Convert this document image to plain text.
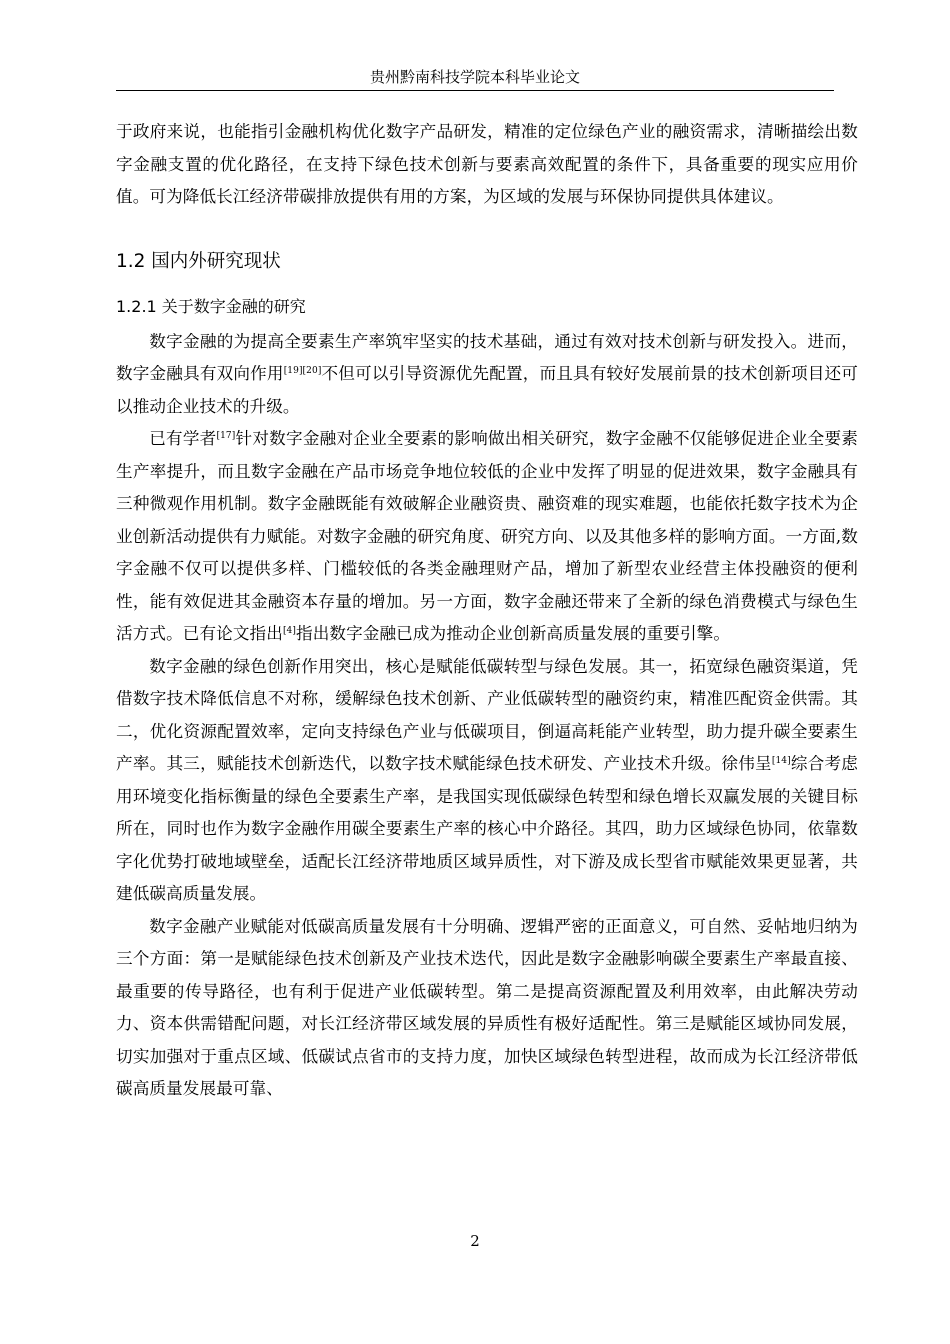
贵州黔南科技学院本科毕业论文

于政府来说，也能指引金融机构优化数字产品研发，精准的定位绿色产业的融资需求，清晰描绘出数字金融支置的优化路径，在支持下绿色技术创新与要素高效配置的条件下，具备重要的现实应用价值。可为降低长江经济带碳排放提供有用的方案，为区域的发展与环保协同提供具体建议。

1.2 国内外研究现状
1.2.1 关于数字金融的研究

数字金融的为提高全要素生产率筑牢坚实的技术基础，通过有效对技术创新与研发投入。进而，数字金融具有双向作用[19][20]不但可以引导资源优先配置，而且具有较好发展前景的技术创新项目还可以推动企业技术的升级。

已有学者[17]针对数字金融对企业全要素的影响做出相关研究，数字金融不仅能够促进企业全要素生产率提升，而且数字金融在产品市场竞争地位较低的企业中发挥了明显的促进效果，数字金融具有三种微观作用机制。数字金融既能有效破解企业融资贵、融资难的现实难题，也能依托数字技术为企业创新活动提供有力赋能。对数字金融的研究角度、研究方向、以及其他多样的影响方面。一方面,数字金融不仅可以提供多样、门槛较低的各类金融理财产品，增加了新型农业经营主体投融资的便利性，能有效促进其金融资本存量的增加。另一方面，数字金融还带来了全新的绿色消费模式与绿色生活方式。已有论文指出[4]指出数字金融已成为推动企业创新高质量发展的重要引擎。

数字金融的绿色创新作用突出，核心是赋能低碳转型与绿色发展。其一，拓宽绿色融资渠道，凭借数字技术降低信息不对称，缓解绿色技术创新、产业低碳转型的融资约束，精准匹配资金供需。其二，优化资源配置效率，定向支持绿色产业与低碳项目，倒逼高耗能产业转型，助力提升碳全要素生产率。其三，赋能技术创新迭代，以数字技术赋能绿色技术研发、产业技术升级。徐伟呈[14]综合考虑用环境变化指标衡量的绿色全要素生产率，是我国实现低碳绿色转型和绿色增长双赢发展的关键目标所在，同时也作为数字金融作用碳全要素生产率的核心中介路径。其四，助力区域绿色协同，依靠数字化优势打破地域壁垒，适配长江经济带地质区域异质性，对下游及成长型省市赋能效果更显著，共建低碳高质量发展。

数字金融产业赋能对低碳高质量发展有十分明确、逻辑严密的正面意义，可自然、妥帖地归纳为三个方面：第一是赋能绿色技术创新及产业技术迭代，因此是数字金融影响碳全要素生产率最直接、最重要的传导路径，也有利于促进产业低碳转型。第二是提高资源配置及利用效率，由此解决劳动力、资本供需错配问题，对长江经济带区域发展的异质性有极好适配性。第三是赋能区域协同发展，切实加强对于重点区域、低碳试点省市的支持力度，加快区域绿色转型进程，故而成为长江经济带低碳高质量发展最可靠、

2
